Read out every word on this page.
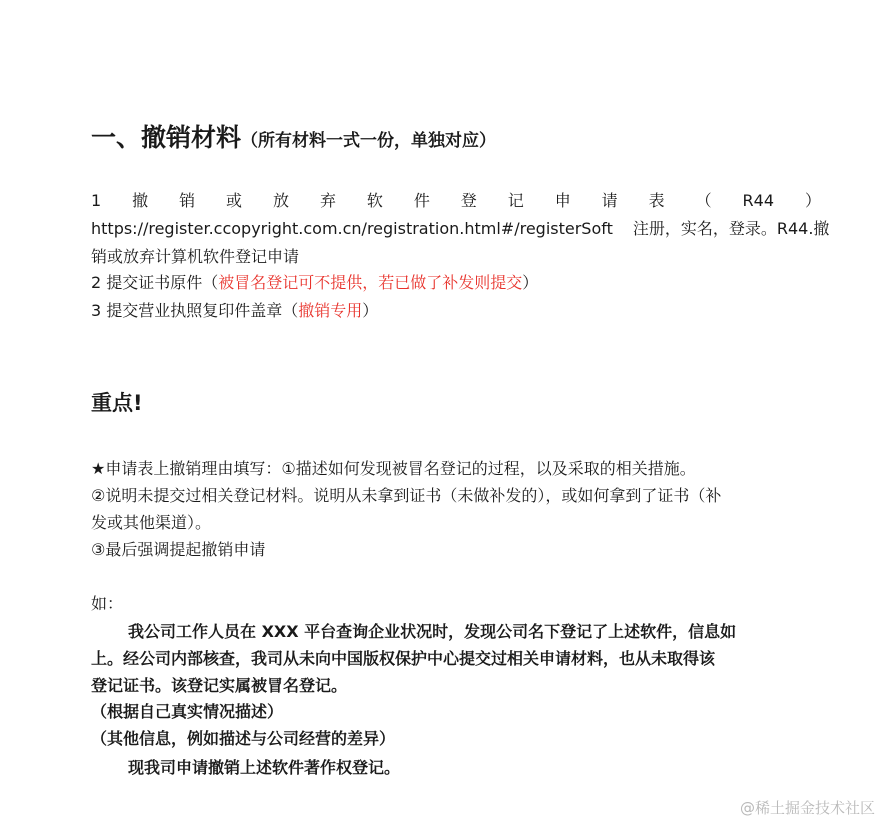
一、撤销材料（所有材料一式一份，单独对应）
1 撤 销 或 放 弃 软 件 登 记 申 请 表 （ R44 ）
https://register.ccopyright.com.cn/registration.html#/registerSoft 注册，实名，登录。R44.撤
销或放弃计算机软件登记申请
2 提交证书原件（被冒名登记可不提供，若已做了补发则提交）
3 提交营业执照复印件盖章（撤销专用）
重点!
★申请表上撤销理由填写：①描述如何发现被冒名登记的过程，以及采取的相关措施。
②说明未提交过相关登记材料。说明从未拿到证书（未做补发的），或如何拿到了证书（补
发或其他渠道）。
③最后强调提起撤销申请
如：
我公司工作人员在 XXX 平台查询企业状况时，发现公司名下登记了上述软件，信息如
上。经公司内部核查，我司从未向中国版权保护中心提交过相关申请材料，也从未取得该
登记证书。该登记实属被冒名登记。
（根据自己真实情况描述）
（其他信息，例如描述与公司经营的差异）
现我司申请撤销上述软件著作权登记。
@稀土掘金技术社区
